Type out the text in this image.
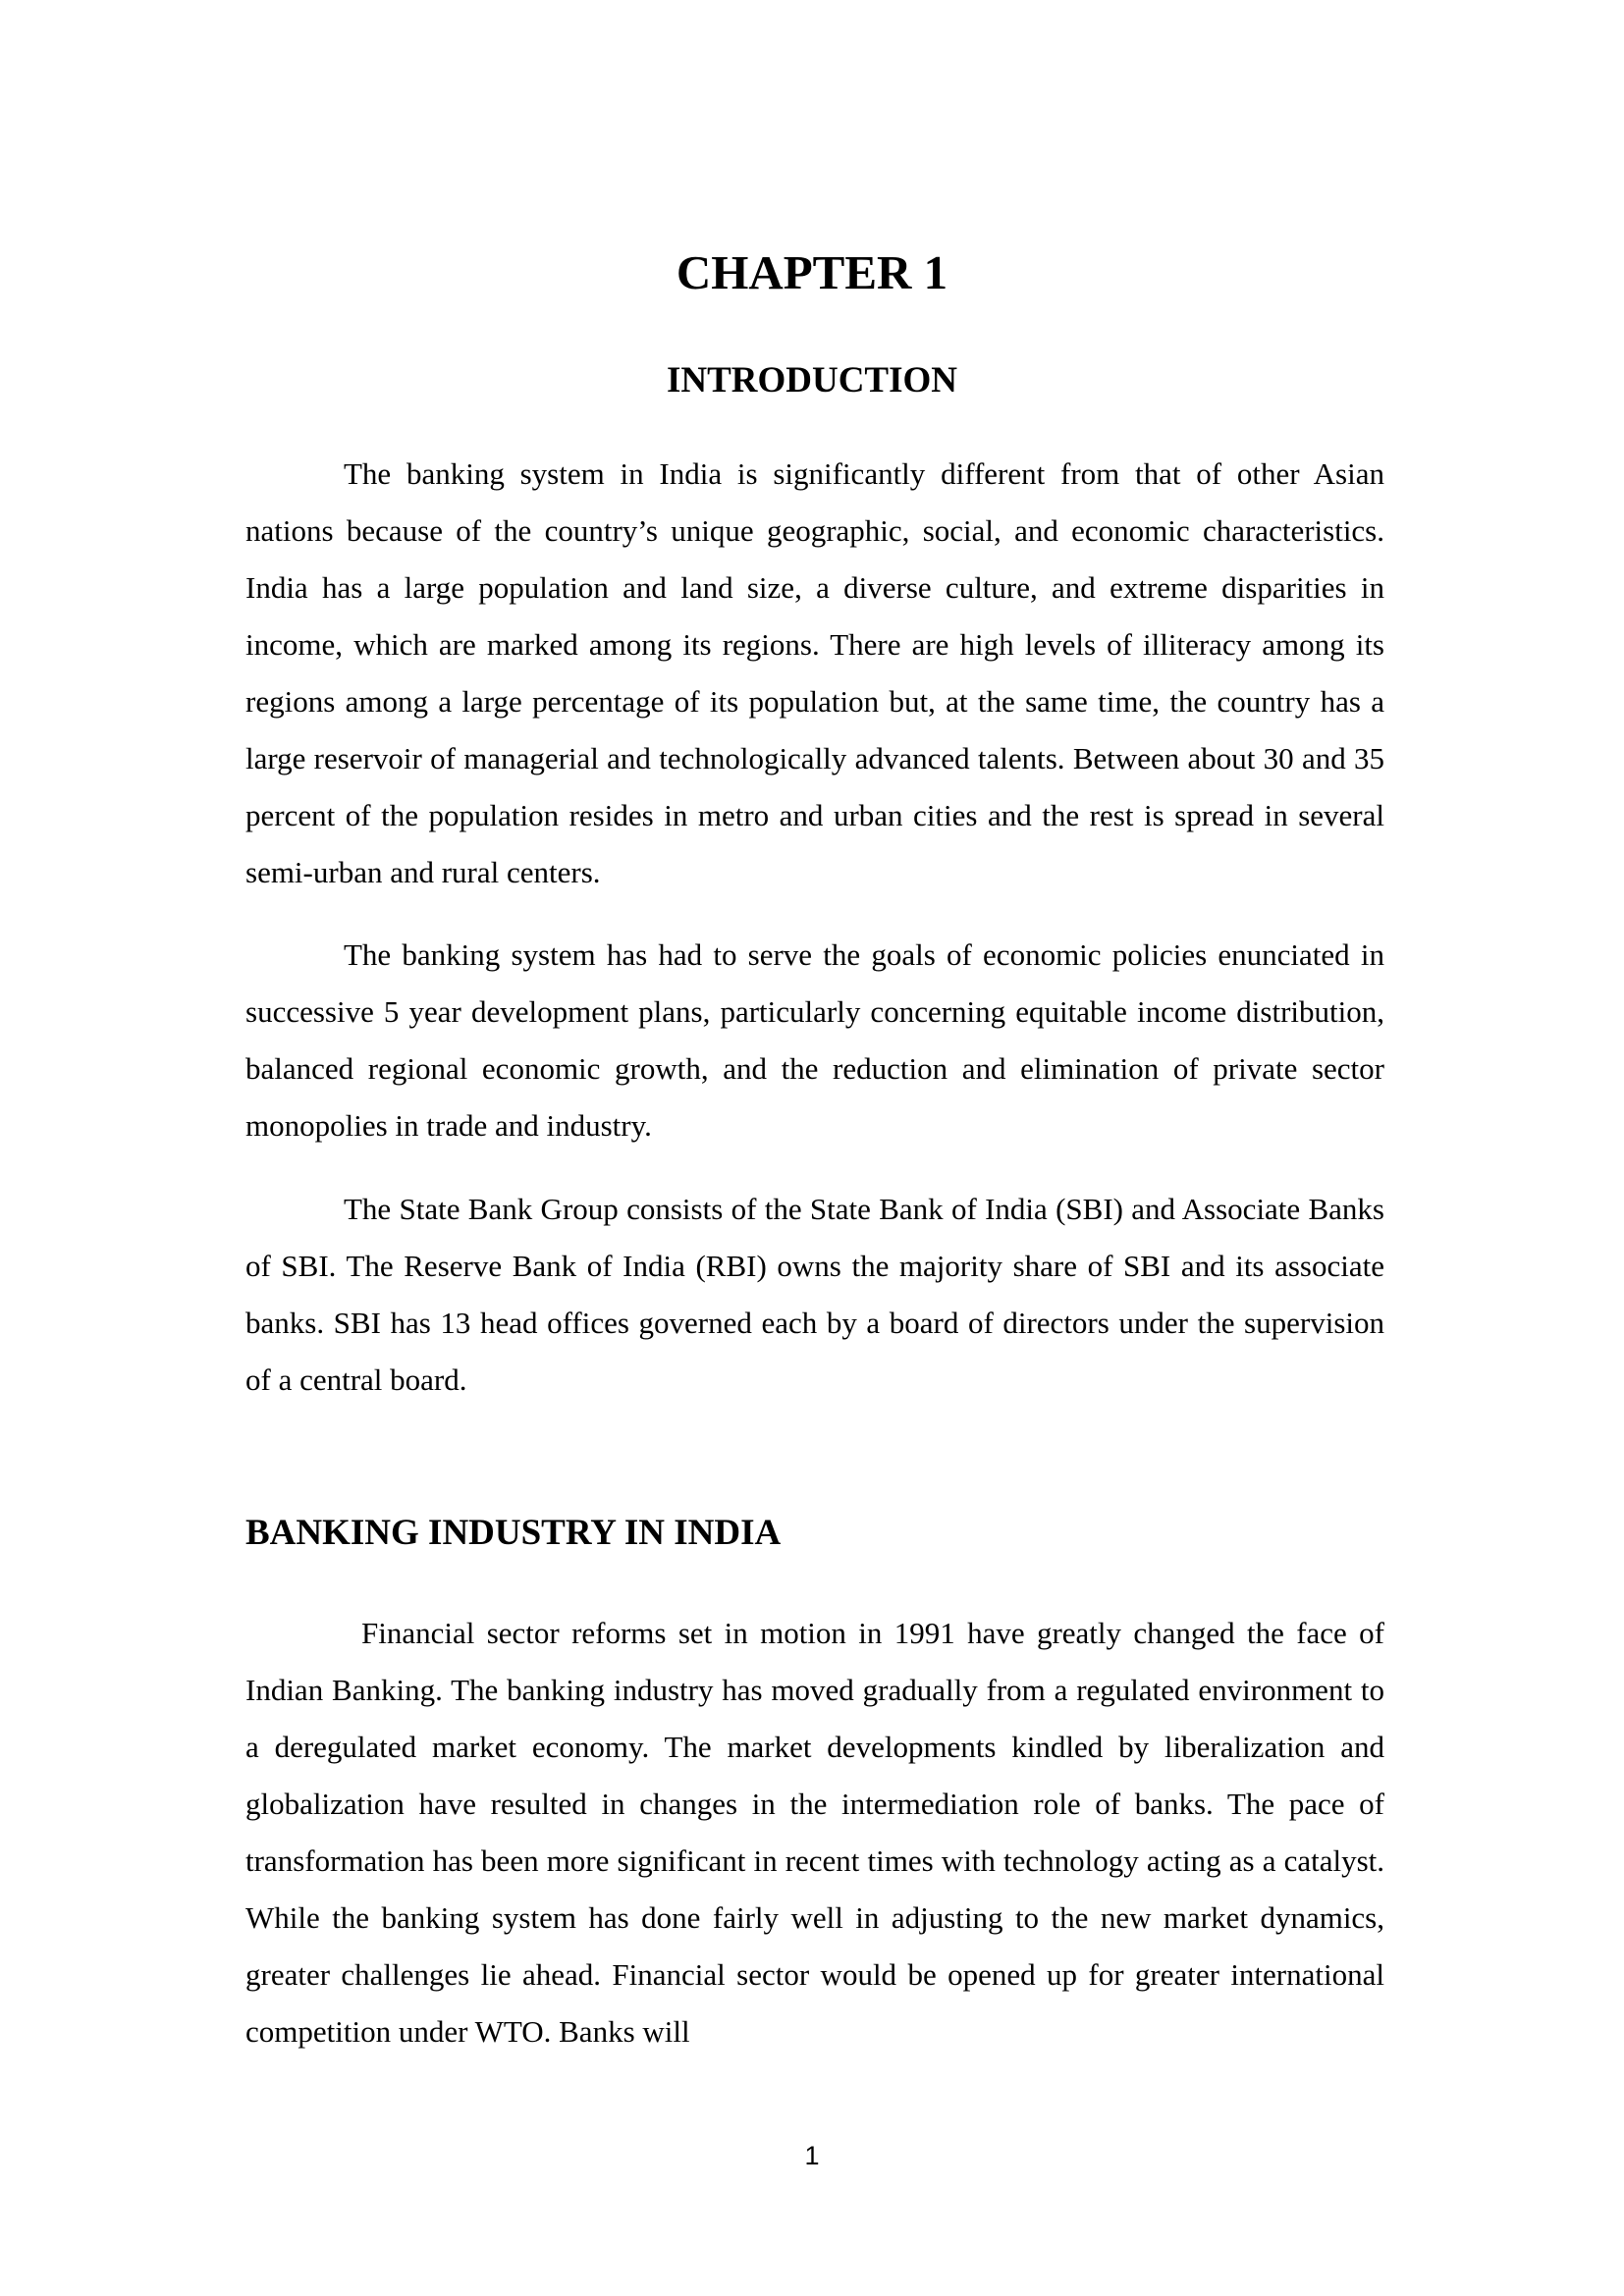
CHAPTER 1
INTRODUCTION

The banking system in India is significantly different from that of other Asian nations because of the country’s unique geographic, social, and economic characteristics. India has a large population and land size, a diverse culture, and extreme disparities in income, which are marked among its regions. There are high levels of illiteracy among its regions among a large percentage of its population but, at the same time, the country has a large reservoir of managerial and technologically advanced talents. Between about 30 and 35 percent of the population resides in metro and urban cities and the rest is spread in several semi-urban and rural centers.

The banking system has had to serve the goals of economic policies enunciated in successive 5 year development plans, particularly concerning equitable income distribution, balanced regional economic growth, and the reduction and elimination of private sector monopolies in trade and industry.

The State Bank Group consists of the State Bank of India (SBI) and Associate Banks of SBI. The Reserve Bank of India (RBI) owns the majority share of SBI and its associate banks. SBI has 13 head offices governed each by a board of directors under the supervision of a central board.

BANKING INDUSTRY IN INDIA

Financial sector reforms set in motion in 1991 have greatly changed the face of Indian Banking. The banking industry has moved gradually from a regulated environment to a deregulated market economy. The market developments kindled by liberalization and globalization have resulted in changes in the intermediation role of banks. The pace of transformation has been more significant in recent times with technology acting as a catalyst. While the banking system has done fairly well in adjusting to the new market dynamics, greater challenges lie ahead. Financial sector would be opened up for greater international competition under WTO. Banks will

1
